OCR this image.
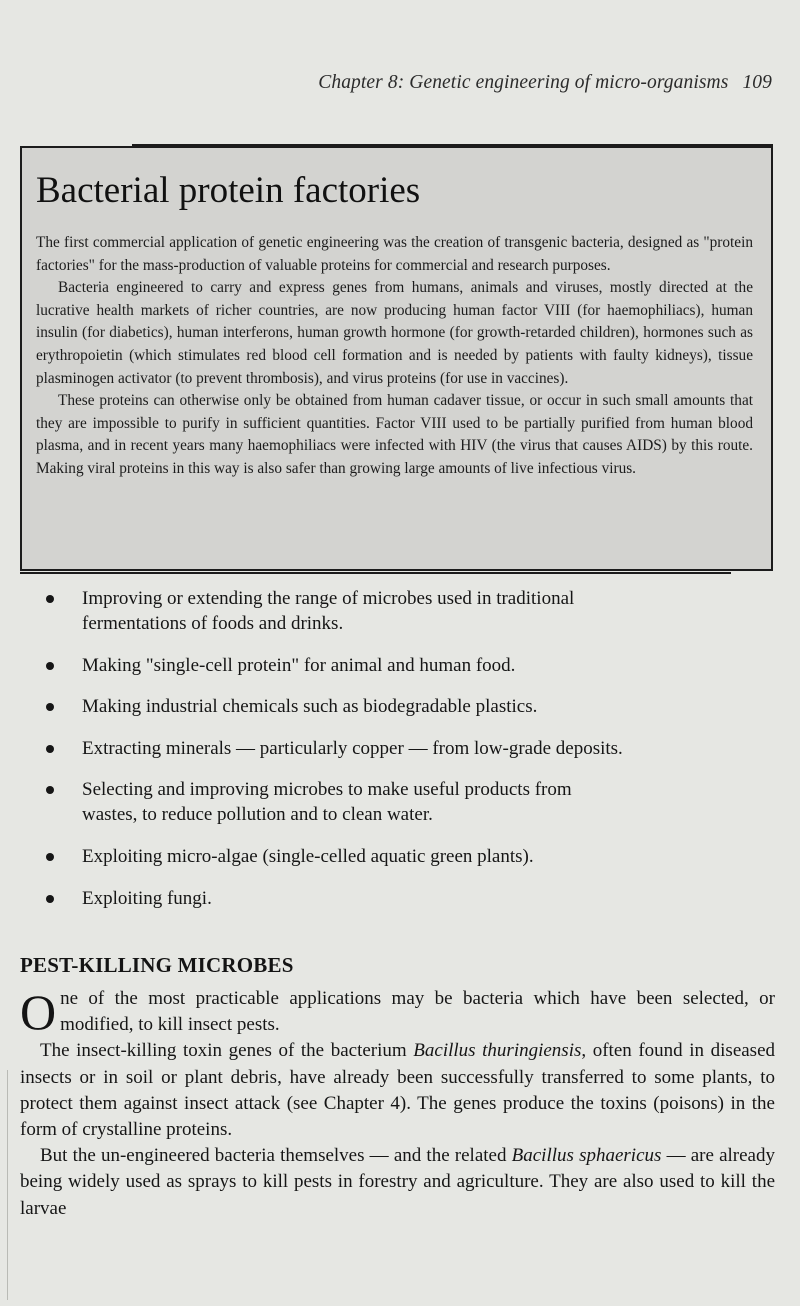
Chapter 8: Genetic engineering of micro-organisms 109
Bacterial protein factories

The first commercial application of genetic engineering was the creation of transgenic bacteria, designed as "protein factories" for the mass-production of valuable proteins for commercial and research purposes.

Bacteria engineered to carry and express genes from humans, animals and viruses, mostly directed at the lucrative health markets of richer countries, are now producing human factor VIII (for haemophiliacs), human insulin (for diabetics), human interferons, human growth hormone (for growth-retarded children), hormones such as erythropoietin (which stimulates red blood cell formation and is needed by patients with faulty kidneys), tissue plasminogen activator (to prevent thrombosis), and virus proteins (for use in vaccines).

These proteins can otherwise only be obtained from human cadaver tissue, or occur in such small amounts that they are impossible to purify in sufficient quantities. Factor VIII used to be partially purified from human blood plasma, and in recent years many haemophiliacs were infected with HIV (the virus that causes AIDS) by this route. Making viral proteins in this way is also safer than growing large amounts of live infectious virus.

Improving or extending the range of microbes used in traditional fermentations of foods and drinks.
Making "single-cell protein" for animal and human food.
Making industrial chemicals such as biodegradable plastics.
Extracting minerals — particularly copper — from low-grade deposits.
Selecting and improving microbes to make useful products from wastes, to reduce pollution and to clean water.
Exploiting micro-algae (single-celled aquatic green plants).
Exploiting fungi.
PEST-KILLING MICROBES

One of the most practicable applications may be bacteria which have been selected, or modified, to kill insect pests.

The insect-killing toxin genes of the bacterium Bacillus thuringiensis, often found in diseased insects or in soil or plant debris, have already been successfully transferred to some plants, to protect them against insect attack (see Chapter 4). The genes produce the toxins (poisons) in the form of crystalline proteins.

But the un-engineered bacteria themselves — and the related Bacillus sphaericus — are already being widely used as sprays to kill pests in forestry and agriculture. They are also used to kill the larvae
